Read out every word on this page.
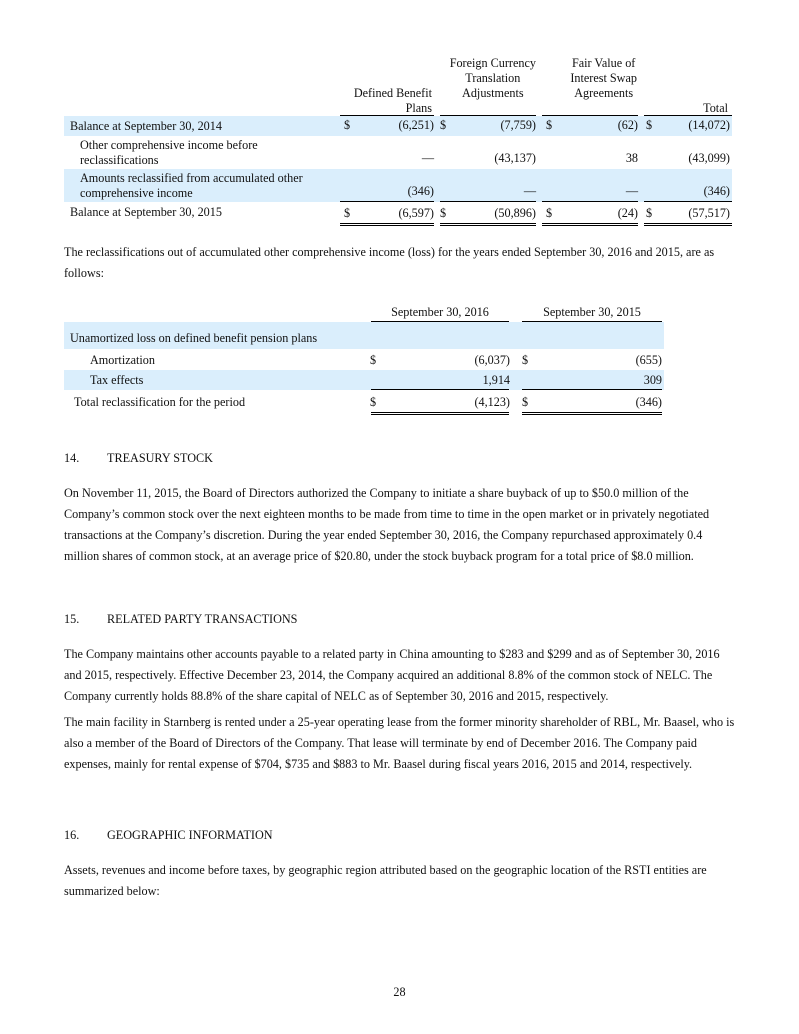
Defined Benefit
Plans

Foreign Currency
Translation
Adjustments

Fair Value of
Interest Swap
Agreements

Total
Balance at September 30, 2014	$	(6,251) $	(7,759) $	(62) $	(14,072)
Other comprehensive income before
reclassifications	—	(43,137)	38	(43,099)
Amounts reclassified from accumulated other
comprehensive income	(346)	—	—	(346)
Balance at September 30, 2015	$	(6,597) $	(50,896) $	(24) $	(57,517)

The reclassifications out of accumulated other comprehensive income (loss) for the years ended September 30, 2016 and 2015, are as follows:

September 30, 2016	September 30, 2015
Unamortized loss on defined benefit pension plans
Amortization	$	(6,037) $	(655)
Tax effects	1,914	309
Total reclassification for the period	$	(4,123) $	(346)
14. TREASURY STOCK

On November 11, 2015, the Board of Directors authorized the Company to initiate a share buyback of up to $50.0 million of the Company’s common stock over the next eighteen months to be made from time to time in the open market or in privately negotiated transactions at the Company’s discretion. During the year ended September 30, 2016, the Company repurchased approximately 0.4 million shares of common stock, at an average price of $20.80, under the stock buyback program for a total price of $8.0 million.

15. RELATED PARTY TRANSACTIONS

The Company maintains other accounts payable to a related party in China amounting to $283 and $299 and as of September 30, 2016 and 2015, respectively. Effective December 23, 2014, the Company acquired an additional 8.8% of the common stock of NELC. The Company currently holds 88.8% of the share capital of NELC as of September 30, 2016 and 2015, respectively.

The main facility in Starnberg is rented under a 25-year operating lease from the former minority shareholder of RBL, Mr. Baasel, who is also a member of the Board of Directors of the Company. That lease will terminate by end of December 2016. The Company paid expenses, mainly for rental expense of $704, $735 and $883 to Mr. Baasel during fiscal years 2016, 2015 and 2014, respectively.

16. GEOGRAPHIC INFORMATION

Assets, revenues and income before taxes, by geographic region attributed based on the geographic location of the RSTI entities are summarized below:

28
